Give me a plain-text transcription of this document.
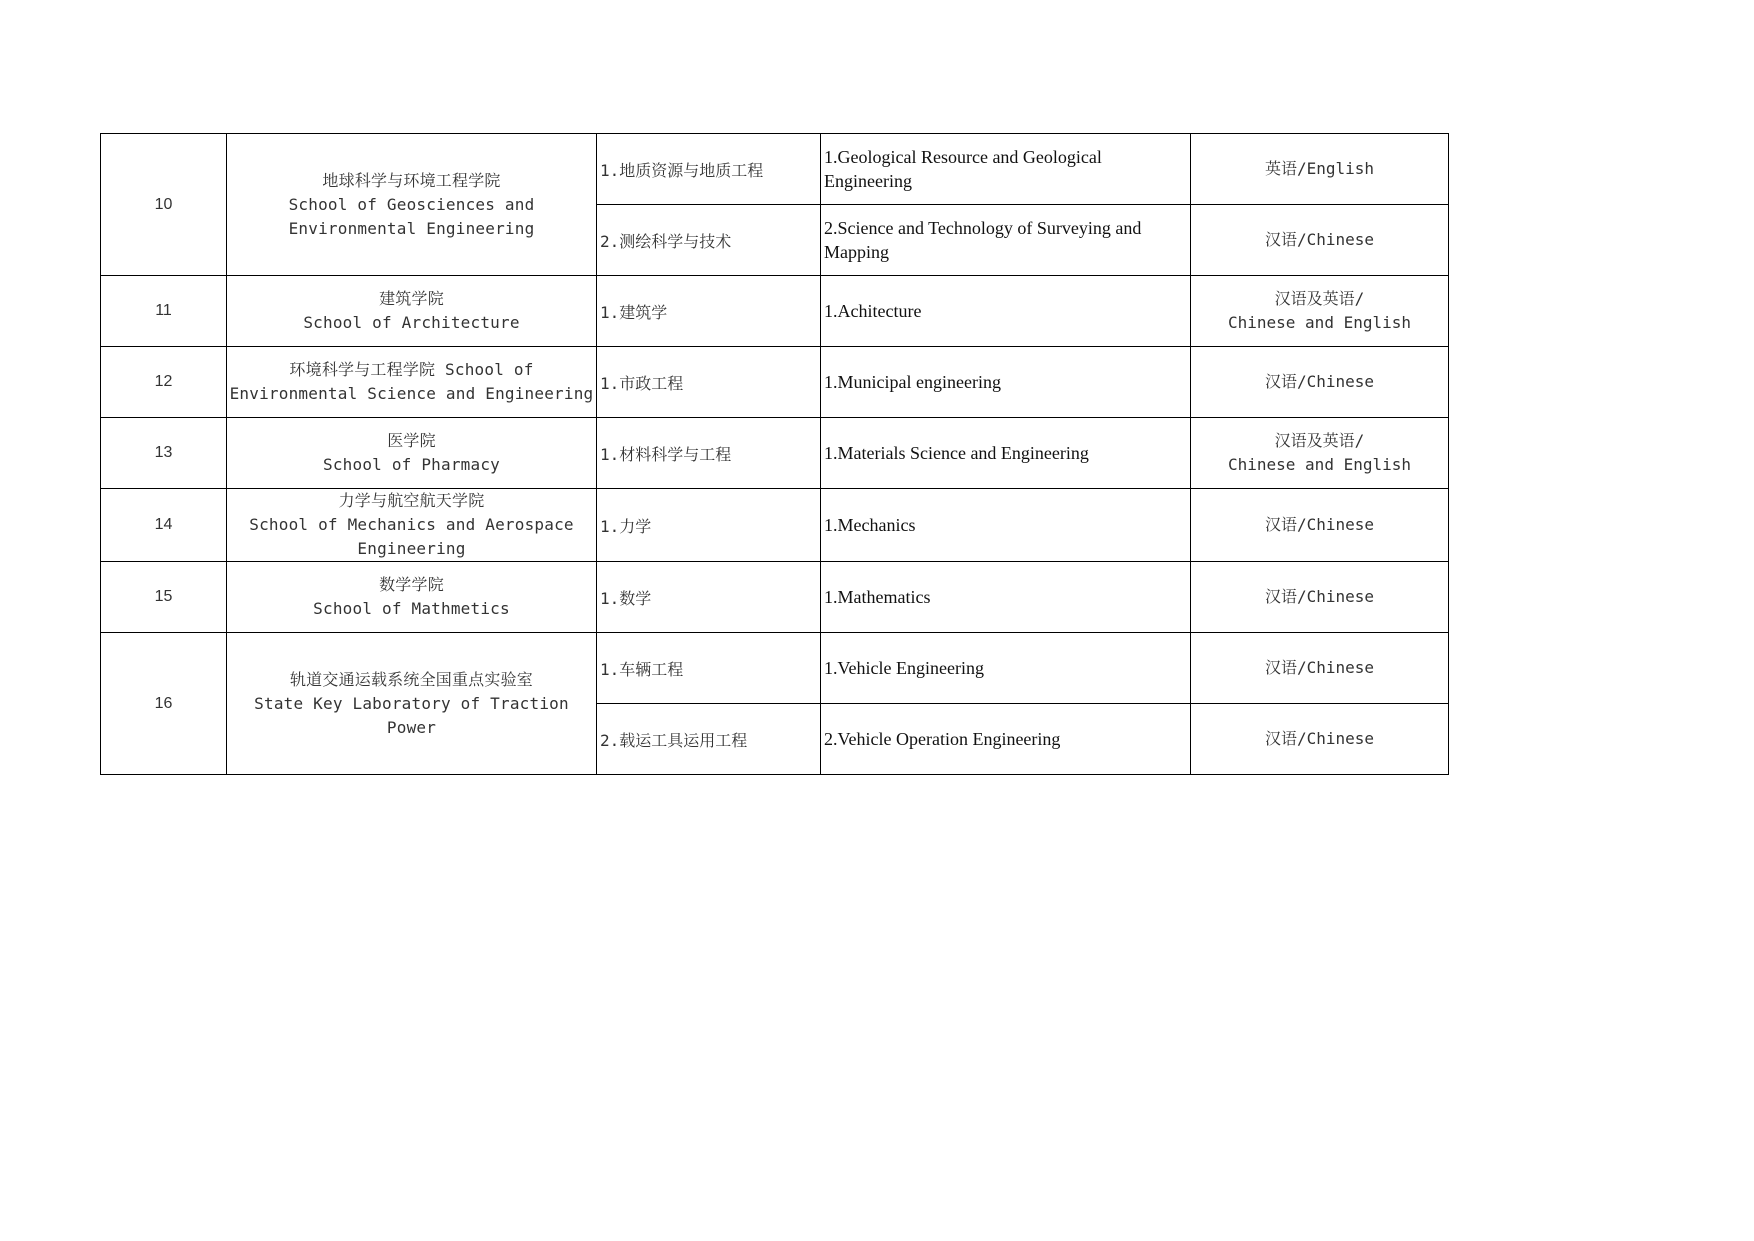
10	地球科学与环境工程学院
School of Geosciences and
Environmental Engineering	1.地质资源与地质工程	1.Geological Resource and Geological Engineering	英语/English
		2.测绘科学与技术	2.Science and Technology of Surveying and Mapping	汉语/Chinese
11	建筑学院
School of Architecture	1.建筑学	1.Achitecture	汉语及英语/
Chinese and English

12	环境科学与工程学院 School of
Environmental Science and Engineering	1.市政工程	1.Municipal engineering	汉语/Chinese
13	医学院
School of Pharmacy	1.材料科学与工程	1.Materials Science and Engineering	汉语及英语/
Chinese and English

14	力学与航空航天学院
School of Mechanics and Aerospace
Engineering	1.力学	1.Mechanics	汉语/Chinese
15	数学学院
School of Mathmetics	1.数学	1.Mathematics	汉语/Chinese
16	轨道交通运载系统全国重点实验室
State Key Laboratory of Traction Power	1.车辆工程	1.Vehicle Engineering	汉语/Chinese
		2.载运工具运用工程	2.Vehicle Operation Engineering	汉语/Chinese
